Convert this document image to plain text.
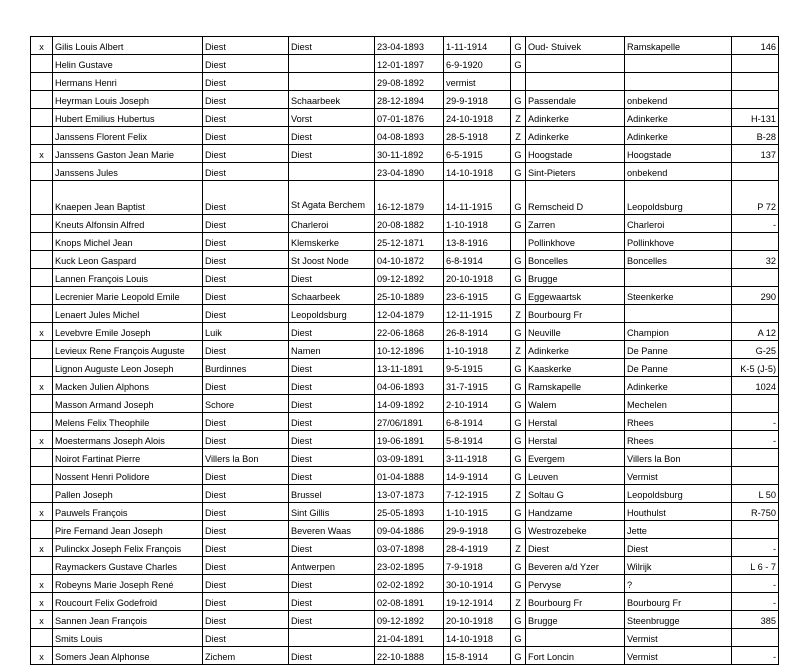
x	Gilis Louis Albert	Diest	Diest	23-04-1893	1-11-1914	G	Oud- Stuivek	Ramskapelle	146
	Helin Gustave	Diest		12-01-1897	6-9-1920	G			
	Hermans Henri	Diest		29-08-1892	vermist				
	Heyrman Louis Joseph	Diest	Schaarbeek	28-12-1894	29-9-1918	G	Passendale	onbekend	
	Hubert Emilius Hubertus	Diest	Vorst	07-01-1876	24-10-1918	Z	Adinkerke	Adinkerke	H-131
	Janssens Florent Felix	Diest	Diest	04-08-1893	28-5-1918	Z	Adinkerke	Adinkerke	B-28
x	Janssens Gaston Jean Marie	Diest	Diest	30-11-1892	6-5-1915	G	Hoogstade	Hoogstade	137
	Janssens Jules	Diest		23-04-1890	14-10-1918	G	Sint-Pieters	onbekend	
	Knaepen Jean Baptist	Diest	St Agata Berchem	16-12-1879	14-11-1915	G	Remscheid D	Leopoldsburg	P 72
	Kneuts Alfonsin Alfred	Diest	Charleroi	20-08-1882	1-10-1918	G	Zarren	Charleroi	-
	Knops Michel Jean	Diest	Klemskerke	25-12-1871	13-8-1916		Pollinkhove	Pollinkhove	
	Kuck Leon Gaspard	Diest	St Joost Node	04-10-1872	6-8-1914	G	Boncelles	Boncelles	32
	Lannen François Louis	Diest	Diest	09-12-1892	20-10-1918	G	Brugge		
	Lecrenier Marie Leopold Emile	Diest	Schaarbeek	25-10-1889	23-6-1915	G	Eggewaartsk	Steenkerke	290
	Lenaert Jules Michel	Diest	Leopoldsburg	12-04-1879	12-11-1915	Z	Bourbourg Fr		
x	Levebvre Emile Joseph	Luik	Diest	22-06-1868	26-8-1914	G	Neuville	Champion	A 12
	Levieux Rene François Auguste	Diest	Namen	10-12-1896	1-10-1918	Z	Adinkerke	De Panne	G-25
	Lignon Auguste Leon Joseph	Burdinnes	Diest	13-11-1891	9-5-1915	G	Kaaskerke	De Panne	K-5 (J-5)
x	Macken Julien Alphons	Diest	Diest	04-06-1893	31-7-1915	G	Ramskapelle	Adinkerke	1024
	Masson Armand Joseph	Schore	Diest	14-09-1892	2-10-1914	G	Walem	Mechelen	
	Melens Felix Theophile	Diest	Diest	27/06/1891	6-8-1914	G	Herstal	Rhees	-
x	Moestermans Joseph Alois	Diest	Diest	19-06-1891	5-8-1914	G	Herstal	Rhees	-
	Noirot Fartinat Pierre	Villers la Bon	Diest	03-09-1891	3-11-1918	G	Evergem	Villers la Bon	
	Nossent Henri Polidore	Diest	Diest	01-04-1888	14-9-1914	G	Leuven	Vermist	
	Pallen Joseph	Diest	Brussel	13-07-1873	7-12-1915	Z	Soltau G	Leopoldsburg	L 50
x	Pauwels François	Diest	Sint Gillis	25-05-1893	1-10-1915	G	Handzame	Houthulst	R-750
	Pire Fernand Jean Joseph	Diest	Beveren Waas	09-04-1886	29-9-1918	G	Westrozebeke	Jette	
x	Pulinckx Joseph Felix François	Diest	Diest	03-07-1898	28-4-1919	Z	Diest	Diest	-
	Raymackers Gustave Charles	Diest	Antwerpen	23-02-1895	7-9-1918	G	Beveren a/d Yzer	Wilrijk	L 6 - 7
x	Robeyns Marie Joseph René	Diest	Diest	02-02-1892	30-10-1914	G	Pervyse	?	-
x	Roucourt Felix Godefroid	Diest	Diest	02-08-1891	19-12-1914	Z	Bourbourg Fr	Bourbourg Fr	-
x	Sannen Jean François	Diest	Diest	09-12-1892	20-10-1918	G	Brugge	Steenbrugge	385
	Smits Louis	Diest		21-04-1891	14-10-1918	G		Vermist	
x	Somers Jean Alphonse	Zichem	Diest	22-10-1888	15-8-1914	G	Fort Loncin	Vermist	-
